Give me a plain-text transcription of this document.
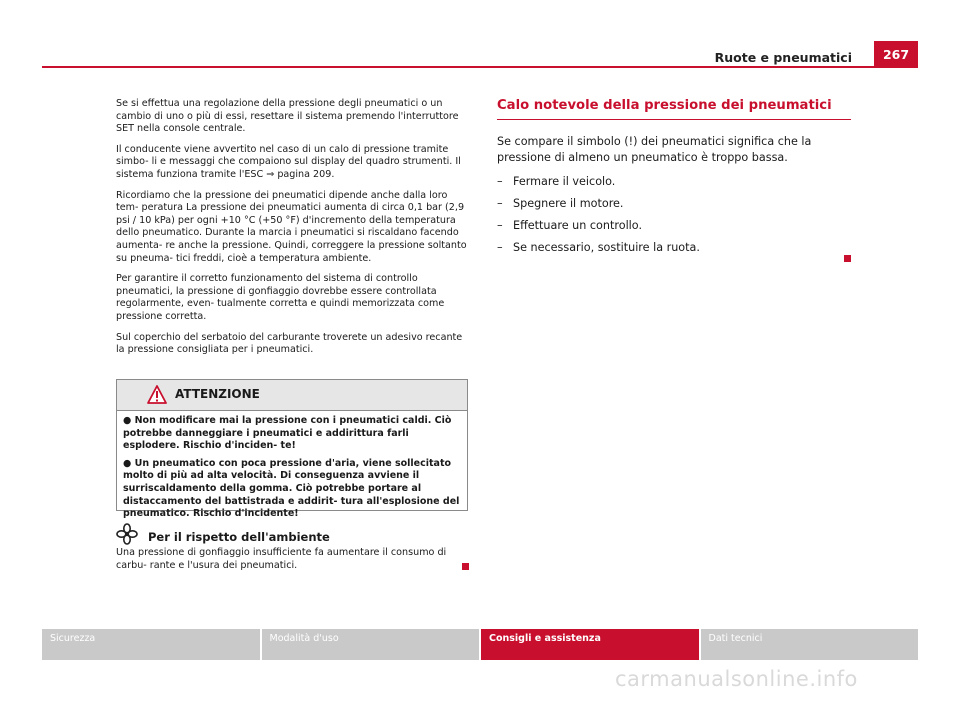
Ruote e pneumatici	267

Se si effettua una regolazione della pressione degli pneumatici o un cambio di uno o più di essi, resettare il sistema premendo l'interruttore SET nella console centrale.

Il conducente viene avvertito nel caso di un calo di pressione tramite simbo- li e messaggi che compaiono sul display del quadro strumenti. Il sistema funziona tramite l'ESC ⇒ pagina 209.

Ricordiamo che la pressione dei pneumatici dipende anche dalla loro tem- peratura La pressione dei pneumatici aumenta di circa 0,1 bar (2,9 psi / 10 kPa) per ogni +10 °C (+50 °F) d'incremento della temperatura dello pneumatico. Durante la marcia i pneumatici si riscaldano facendo aumenta- re anche la pressione. Quindi, correggere la pressione soltanto su pneuma- tici freddi, cioè a temperatura ambiente.

Per garantire il corretto funzionamento del sistema di controllo pneumatici, la pressione di gonfiaggio dovrebbe essere controllata regolarmente, even- tualmente corretta e quindi memorizzata come pressione corretta.

Sul coperchio del serbatoio del carburante troverete un adesivo recante la pressione consigliata per i pneumatici.

ATTENZIONE

● Non modificare mai la pressione con i pneumatici caldi. Ciò potrebbe danneggiare i pneumatici e addirittura farli esplodere. Rischio d'inciden- te!

● Un pneumatico con poca pressione d'aria, viene sollecitato molto di più ad alta velocità. Di conseguenza avviene il surriscaldamento della gomma. Ciò potrebbe portare al distaccamento del battistrada e addirit- tura all'esplosione del pneumatico. Rischio d'incidente!

Per il rispetto dell'ambiente
Una pressione di gonfiaggio insufficiente fa aumentare il consumo di carbu- rante e l'usura dei pneumatici.
Calo notevole della pressione dei pneumatici
Se compare il simbolo (!) dei pneumatici significa che la pressione di almeno un pneumatico è troppo bassa.
– Fermare il veicolo.
– Spegnere il motore.
– Effettuare un controllo.
– Se necessario, sostituire la ruota.
Sicurezza	Modalità d'uso	Consigli e assistenza	Dati tecnici
carmanualsonline.info
